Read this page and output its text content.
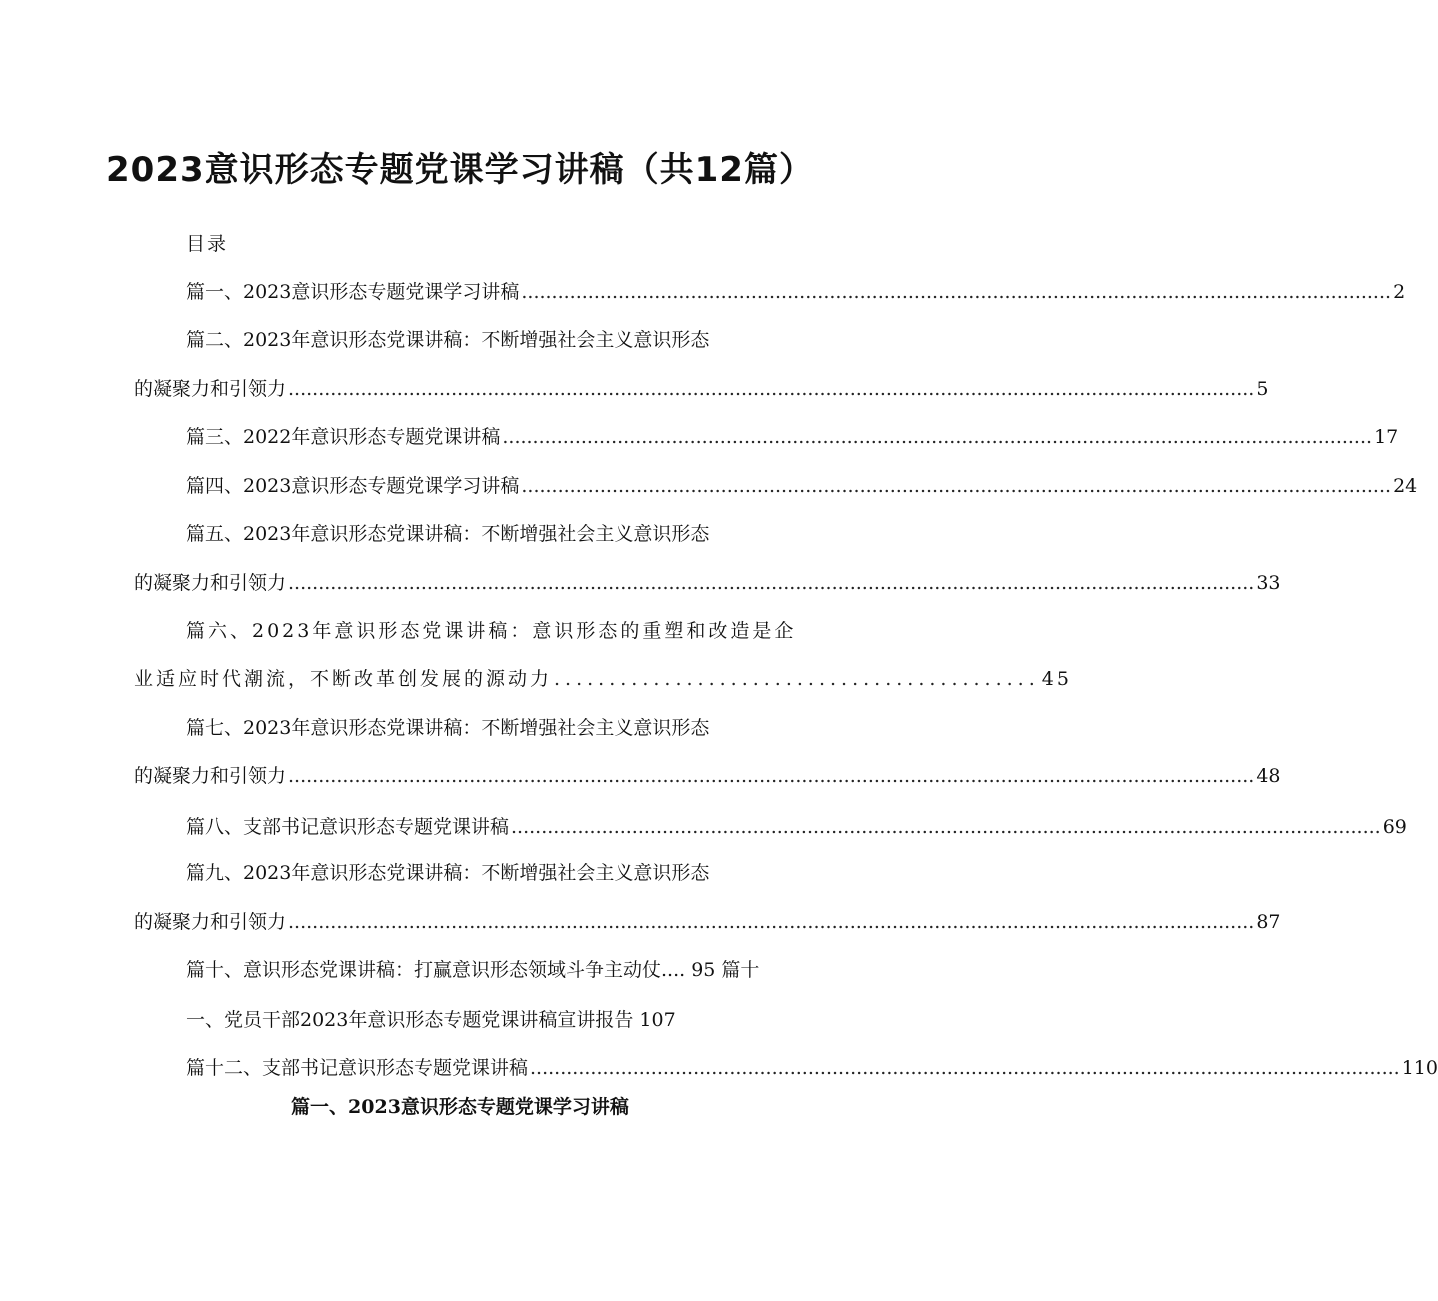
2023意识形态专题党课学习讲稿（共12篇）
目录
篇一、2023意识形态专题党课学习讲稿 ................................................................................................................................................ 2
篇二、2023年意识形态党课讲稿：不断增强社会主义意识形态
的凝聚力和引领力 ................................................................................................................................................................ 5
篇三、2022年意识形态专题党课讲稿 ................................................................................................................................................ 17
篇四、2023意识形态专题党课学习讲稿 ................................................................................................................................................ 24
篇五、2023年意识形态党课讲稿：不断增强社会主义意识形态
的凝聚力和引领力 ................................................................................................................................................................ 33
篇六、2023年意识形态党课讲稿：意识形态的重塑和改造是企
业适应时代潮流，不断改革创发展的源动力 ............................................ 45
篇七、2023年意识形态党课讲稿：不断增强社会主义意识形态
的凝聚力和引领力 ................................................................................................................................................................ 48
篇八、支部书记意识形态专题党课讲稿 ................................................................................................................................................ 69
篇九、2023年意识形态党课讲稿：不断增强社会主义意识形态
的凝聚力和引领力 ................................................................................................................................................................ 87
篇十、意识形态党课讲稿：打赢意识形态领域斗争主动仗.... 95 篇十
一、党员干部2023年意识形态专题党课讲稿宣讲报告 107
篇十二、支部书记意识形态专题党课讲稿 ................................................................................................................................................ 110
篇一、2023意识形态专题党课学习讲稿
